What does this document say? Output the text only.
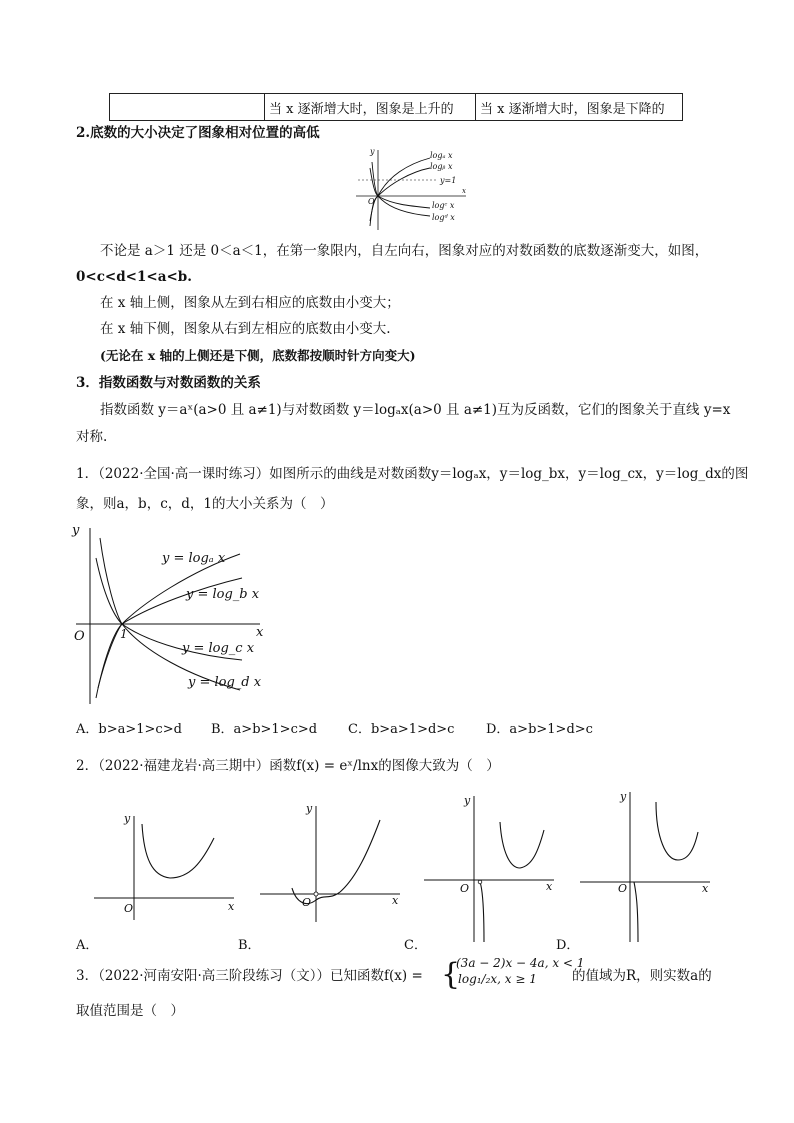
	当 x 逐渐增大时，图象是上升的	当 x 逐渐增大时，图象是下降的
2.底数的大小决定了图象相对位置的高低
logₐ x
logᵦ x
y=1
logᶜ x
logᵈ x
y
x
O
不论是 a＞1 还是 0＜a＜1，在第一象限内，自左向右，图象对应的对数函数的底数逐渐变大，如图，
0<c<d<1<a<b.
在 x 轴上侧，图象从左到右相应的底数由小变大；
在 x 轴下侧，图象从右到左相应的底数由小变大.
(无论在 x 轴的上侧还是下侧，底数都按顺时针方向变大)
3．指数函数与对数函数的关系
指数函数 y＝aˣ(a>0 且 a≠1)与对数函数 y＝logₐx(a>0 且 a≠1)互为反函数，它们的图象关于直线 y=x
对称.
1．（2022·全国·高一课时练习）如图所示的曲线是对数函数y＝logₐx，y＝log_bx，y＝log_cx，y＝log_dx的图
象，则a，b，c，d，1的大小关系为（　）
y
x
O	1
y = logₐ x
y = log_b x
y = log_c x
y = log_d x
A．b>a>1>c>d B．a>b>1>c>d C．b>a>1>d>c D．a>b>1>d>c
2．（2022·福建龙岩·高三期中）函数f(x) = eˣ/lnx的图像大致为（　）
y
x
O
y
x
O
y
x
O
y
x
O
A．	B．	C．	D．
3．（2022·河南安阳·高三阶段练习（文））已知函数f(x) = {
(3a − 2)x − 4a, x < 1
log₁/₂x, x ≥ 1	的值域为R，则实数a的
取值范围是（　）
